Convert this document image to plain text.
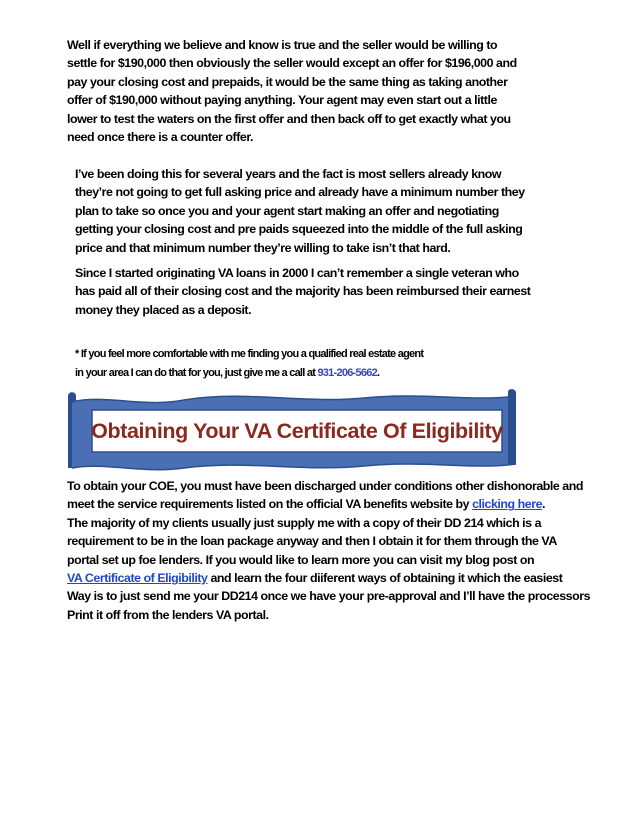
Well if everything we believe and know is true and the seller would be willing to
settle for $190,000 then obviously the seller would except an offer for $196,000 and
pay your closing cost and prepaids, it would be the same thing as taking another
offer of $190,000 without paying anything. Your agent may even start out a little
lower to test the waters on the first offer and then back off to get exactly what you
need once there is a counter offer.
I’ve been doing this for several years and the fact is most sellers already know
they’re not going to get full asking price and already have a minimum number they
plan to take so once you and your agent start making an offer and negotiating
getting your closing cost and pre paids squeezed into the middle of the full asking
price and that minimum number they’re willing to take isn’t that hard.
Since I started originating VA loans in 2000 I can’t remember a single veteran who
has paid all of their closing cost and the majority has been reimbursed their earnest
money they placed as a deposit.
* If you feel more comfortable with me finding you a qualified real estate agent
in your area I can do that for you, just give me a call at 931-206-5662.
Obtaining Your VA Certificate Of Eligibility
To obtain your COE, you must have been discharged under conditions other dishonorable and
meet the service requirements listed on the official VA benefits website by clicking here.
The majority of my clients usually just supply me with a copy of their DD 214 which is a
requirement to be in the loan package anyway and then I obtain it for them through the VA
portal set up foe lenders. If you would like to learn more you can visit my blog post on
VA Certificate of Eligibility and learn the four diiferent ways of obtaining it which the easiest
Way is to just send me your DD214 once we have your pre-approval and I’ll have the processors
Print it off from the lenders VA portal.
